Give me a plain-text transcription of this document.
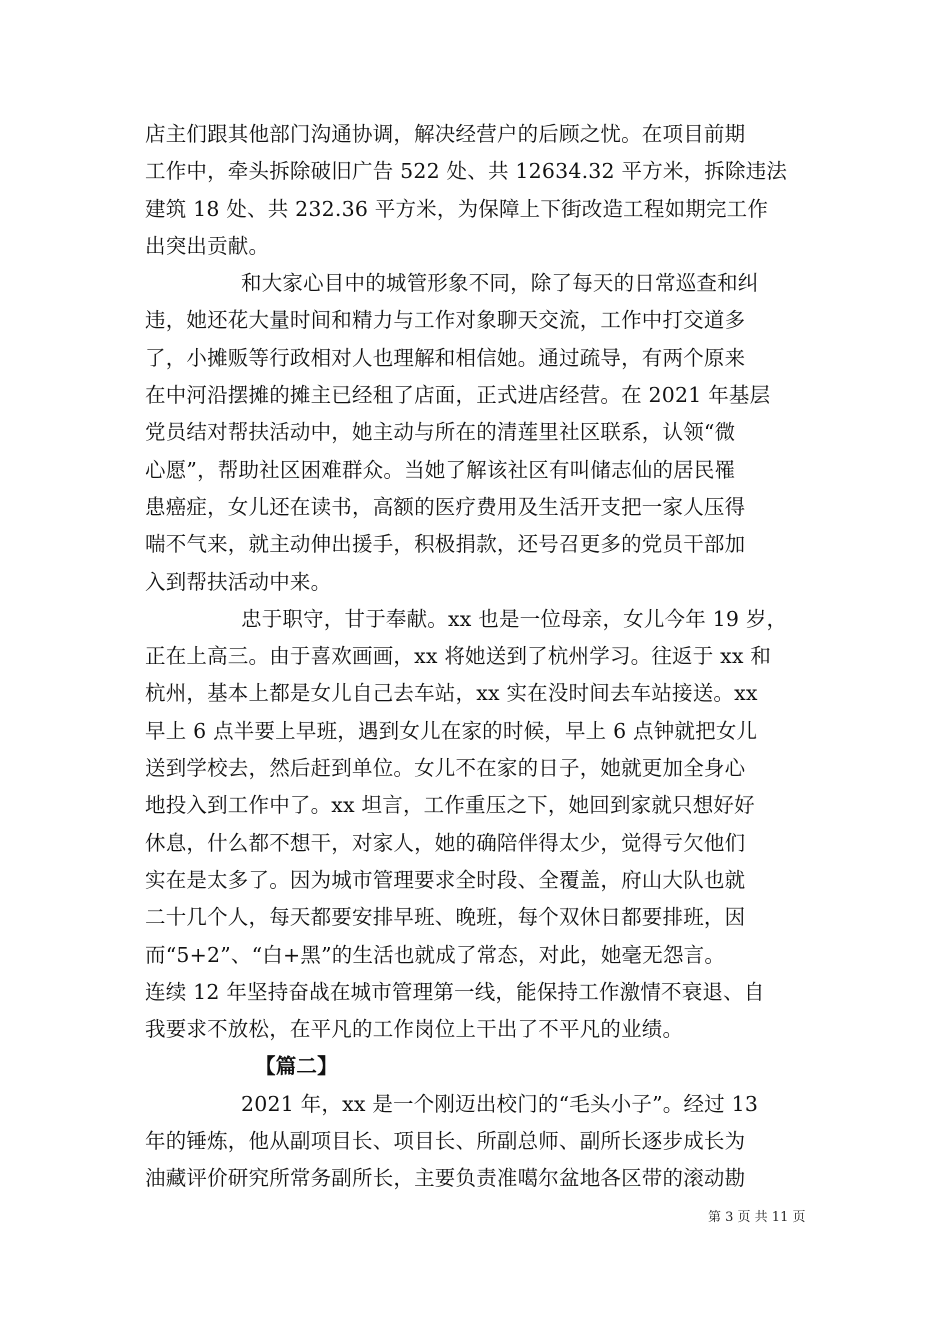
店主们跟其他部门沟通协调，解决经营户的后顾之忧。在项目前期
工作中，牵头拆除破旧广告 522 处、共 12634.32 平方米，拆除违法
建筑 18 处、共 232.36 平方米，为保障上下街改造工程如期完工作
出突出贡献。
和大家心目中的城管形象不同，除了每天的日常巡查和纠
违，她还花大量时间和精力与工作对象聊天交流，工作中打交道多
了，小摊贩等行政相对人也理解和相信她。通过疏导，有两个原来
在中河沿摆摊的摊主已经租了店面，正式进店经营。在 2021 年基层
党员结对帮扶活动中，她主动与所在的清莲里社区联系，认领“微
心愿”，帮助社区困难群众。当她了解该社区有叫储志仙的居民罹
患癌症，女儿还在读书，高额的医疗费用及生活开支把一家人压得
喘不气来，就主动伸出援手，积极捐款，还号召更多的党员干部加
入到帮扶活动中来。
忠于职守，甘于奉献。xx 也是一位母亲，女儿今年 19 岁，
正在上高三。由于喜欢画画，xx 将她送到了杭州学习。往返于 xx 和
杭州，基本上都是女儿自己去车站，xx 实在没时间去车站接送。xx
早上 6 点半要上早班，遇到女儿在家的时候，早上 6 点钟就把女儿
送到学校去，然后赶到单位。女儿不在家的日子，她就更加全身心
地投入到工作中了。xx 坦言，工作重压之下，她回到家就只想好好
休息，什么都不想干，对家人，她的确陪伴得太少，觉得亏欠他们
实在是太多了。因为城市管理要求全时段、全覆盖，府山大队也就
二十几个人，每天都要安排早班、晚班，每个双休日都要排班，因
而“5+2”、“白+黑”的生活也就成了常态，对此，她毫无怨言。
连续 12 年坚持奋战在城市管理第一线，能保持工作激情不衰退、自
我要求不放松，在平凡的工作岗位上干出了不平凡的业绩。
【篇二】
2021 年，xx 是一个刚迈出校门的“毛头小子”。经过 13
年的锤炼，他从副项目长、项目长、所副总师、副所长逐步成长为
油藏评价研究所常务副所长，主要负责准噶尔盆地各区带的滚动勘
第 3 页 共 11 页
